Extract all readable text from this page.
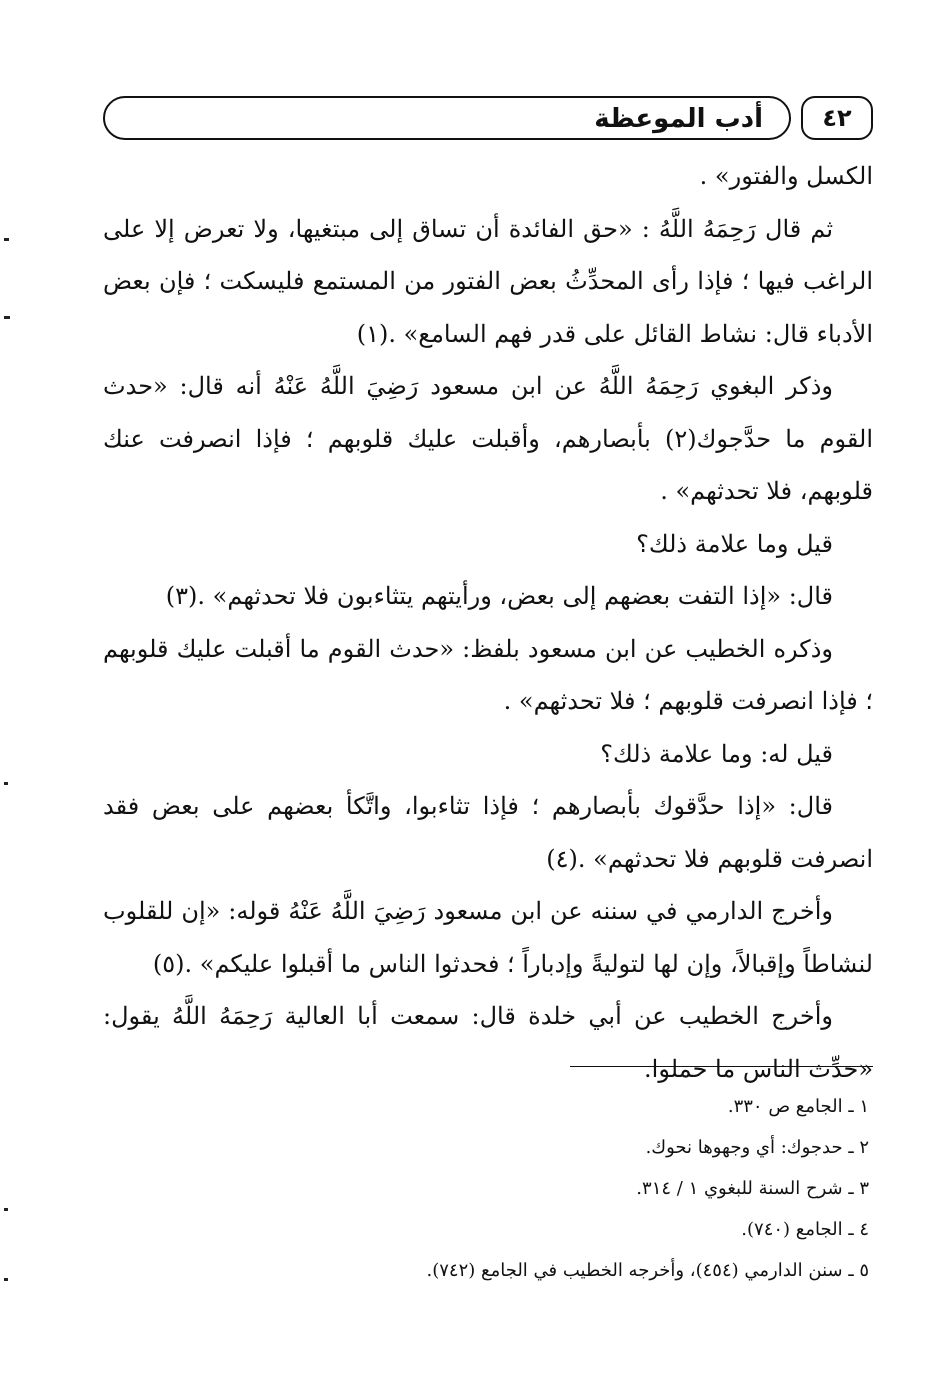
أدب الموعظة	٤٢

الكسل والفتور» .

ثم قال رَحِمَهُ اللَّهُ : «حق الفائدة أن تساق إلى مبتغيها، ولا تعرض إلا على الراغب فيها ؛ فإذا رأى المحدِّثُ بعض الفتور من المستمع فليسكت ؛ فإن بعض الأدباء قال: نشاط القائل على قدر فهم السامع» .(١)

وذكر البغوي رَحِمَهُ اللَّهُ عن ابن مسعود رَضِيَ اللَّهُ عَنْهُ أنه قال: «حدث القوم ما حدَّجوك(٢) بأبصارهم، وأقبلت عليك قلوبهم ؛ فإذا انصرفت عنك قلوبهم، فلا تحدثهم» .

قيل وما علامة ذلك؟

قال: «إذا التفت بعضهم إلى بعض، ورأيتهم يتثاءبون فلا تحدثهم» .(٣)

وذكره الخطيب عن ابن مسعود بلفظ: «حدث القوم ما أقبلت عليك قلوبهم ؛ فإذا انصرفت قلوبهم ؛ فلا تحدثهم» .

قيل له: وما علامة ذلك؟

قال: «إذا حدَّقوك بأبصارهم ؛ فإذا تثاءبوا، واتَّكأ بعضهم على بعض فقد انصرفت قلوبهم فلا تحدثهم» .(٤)

وأخرج الدارمي في سننه عن ابن مسعود رَضِيَ اللَّهُ عَنْهُ قوله: «إن للقلوب لنشاطاً وإقبالاً، وإن لها لتوليةً وإدباراً ؛ فحدثوا الناس ما أقبلوا عليكم» .(٥)

وأخرج الخطيب عن أبي خلدة قال: سمعت أبا العالية رَحِمَهُ اللَّهُ يقول: «حدِّث الناس ما حملوا.

١ ـ الجامع ص ٣٣٠.

٢ ـ حدجوك: أي وجهوها نحوك.

٣ ـ شرح السنة للبغوي ١ / ٣١٤.

٤ ـ الجامع (٧٤٠).

٥ ـ سنن الدارمي (٤٥٤)، وأخرجه الخطيب في الجامع (٧٤٢).
